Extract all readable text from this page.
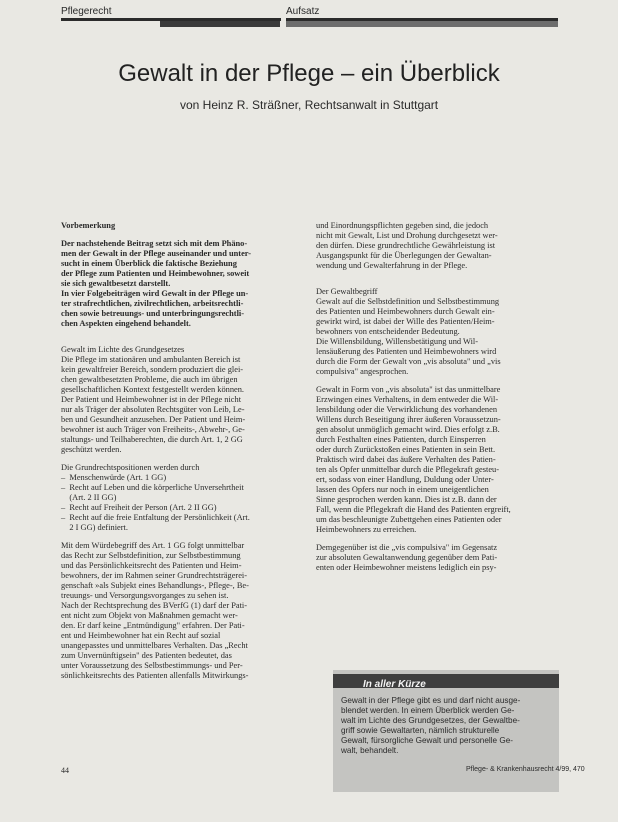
Pflegerecht	Aufsatz
Gewalt in der Pflege – ein Überblick
von Heinz R. Sträßner, Rechtsanwalt in Stuttgart

Vorbemerkung

Der nachstehende Beitrag setzt sich mit dem Phäno-

men der Gewalt in der Pflege auseinander und unter-

sucht in einem Überblick die faktische Beziehung

der Pflege zum Patienten und Heimbewohner, soweit

sie sich gewaltbesetzt darstellt.

In vier Folgebeiträgen wird Gewalt in der Pflege un-

ter strafrechtlichen, zivilrechtlichen, arbeitsrechtli-

chen sowie betreuungs- und unterbringungsrechtli-

chen Aspekten eingehend behandelt.

Gewalt im Lichte des Grundgesetzes

Die Pflege im stationären und ambulanten Bereich ist

kein gewaltfreier Bereich, sondern produziert die glei-

chen gewaltbesetzten Probleme, die auch im übrigen

gesellschaftlichen Kontext festgestellt werden können.

Der Patient und Heimbewohner ist in der Pflege nicht

nur als Träger der absoluten Rechtsgüter von Leib, Le-

ben und Gesundheit anzusehen. Der Patient und Heim-

bewohner ist auch Träger von Freiheits-, Abwehr-, Ge-

staltungs- und Teilhaberechten, die durch Art. 1, 2 GG

geschützt werden.

Die Grundrechtspositionen werden durch

–  Menschenwürde (Art. 1 GG)

–  Recht auf Leben und die körperliche Unversehrtheit

(Art. 2 II GG)

–  Recht auf Freiheit der Person (Art. 2 II GG)

–  Recht auf die freie Entfaltung der Persönlichkeit (Art.

2 I GG) definiert.

Mit dem Würdebegriff des Art. 1 GG folgt unmittelbar

das Recht zur Selbstdefinition, zur Selbstbestimmung

und das Persönlichkeitsrecht des Patienten und Heim-

bewohners, der im Rahmen seiner Grundrechtsträgerei-

genschaft »als Subjekt eines Behandlungs-, Pflege-, Be-

treuungs- und Versorgungsvorganges zu sehen ist.

Nach der Rechtsprechung des BVerfG (1) darf der Pati-

ent nicht zum Objekt von Maßnahmen gemacht wer-

den. Er darf keine „Entmündigung" erfahren. Der Pati-

ent und Heimbewohner hat ein Recht auf sozial

unangepasstes und unmittelbares Verhalten. Das „Recht

zum Unvernünftigsein" des Patienten bedeutet, das

unter Voraussetzung des Selbstbestimmungs- und Per-

sönlichkeitsrechts des Patienten allenfalls Mitwirkungs-

und Einordnungspflichten gegeben sind, die jedoch

nicht mit Gewalt, List und Drohung durchgesetzt wer-

den dürfen. Diese grundrechtliche Gewährleistung ist

Ausgangspunkt für die Überlegungen der Gewaltan-

wendung und Gewalterfahrung in der Pflege.

Der Gewaltbegriff

Gewalt auf die Selbstdefinition und Selbstbestimmung

des Patienten und Heimbewohners durch Gewalt ein-

gewirkt wird, ist dabei der Wille des Patienten/Heim-

bewohners von entscheidender Bedeutung.

Die Willensbildung, Willensbetätigung und Wil-

lensäußerung des Patienten und Heimbewohners wird

durch die Form der Gewalt von „vis absoluta" und „vis

compulsiva" angesprochen.

Gewalt in Form von „vis absoluta" ist das unmittelbare

Erzwingen eines Verhaltens, in dem entweder die Wil-

lensbildung oder die Verwirklichung des vorhandenen

Willens durch Beseitigung ihrer äußeren Voraussetzun-

gen absolut unmöglich gemacht wird. Dies erfolgt z.B.

durch Festhalten eines Patienten, durch Einsperren

oder durch Zurückstoßen eines Patienten in sein Bett.

Praktisch wird dabei das äußere Verhalten des Patien-

ten als Opfer unmittelbar durch die Pflegekraft gesteu-

ert, sodass von einer Handlung, Duldung oder Unter-

lassen des Opfers nur noch in einem uneigentlichen

Sinne gesprochen werden kann. Dies ist z.B. dann der

Fall, wenn die Pflegekraft die Hand des Patienten ergreift,

um das beschleunigte Zubettgehen eines Patienten oder

Heimbewohners zu erreichen.

Demgegenüber ist die „vis compulsiva" im Gegensatz

zur absoluten Gewaltanwendung gegenüber dem Pati-

enten oder Heimbewohner meistens lediglich ein psy-

In aller Kürze

Gewalt in der Pflege gibt es und darf nicht ausge-

blendet werden. In einem Überblick werden Ge-

walt im Lichte des Grundgesetzes, der Gewaltbe-

griff sowie Gewaltarten, nämlich strukturelle

Gewalt, fürsorgliche Gewalt und personelle Ge-

walt, behandelt.

44	Pflege- & Krankenhausrecht 4/99, 470
